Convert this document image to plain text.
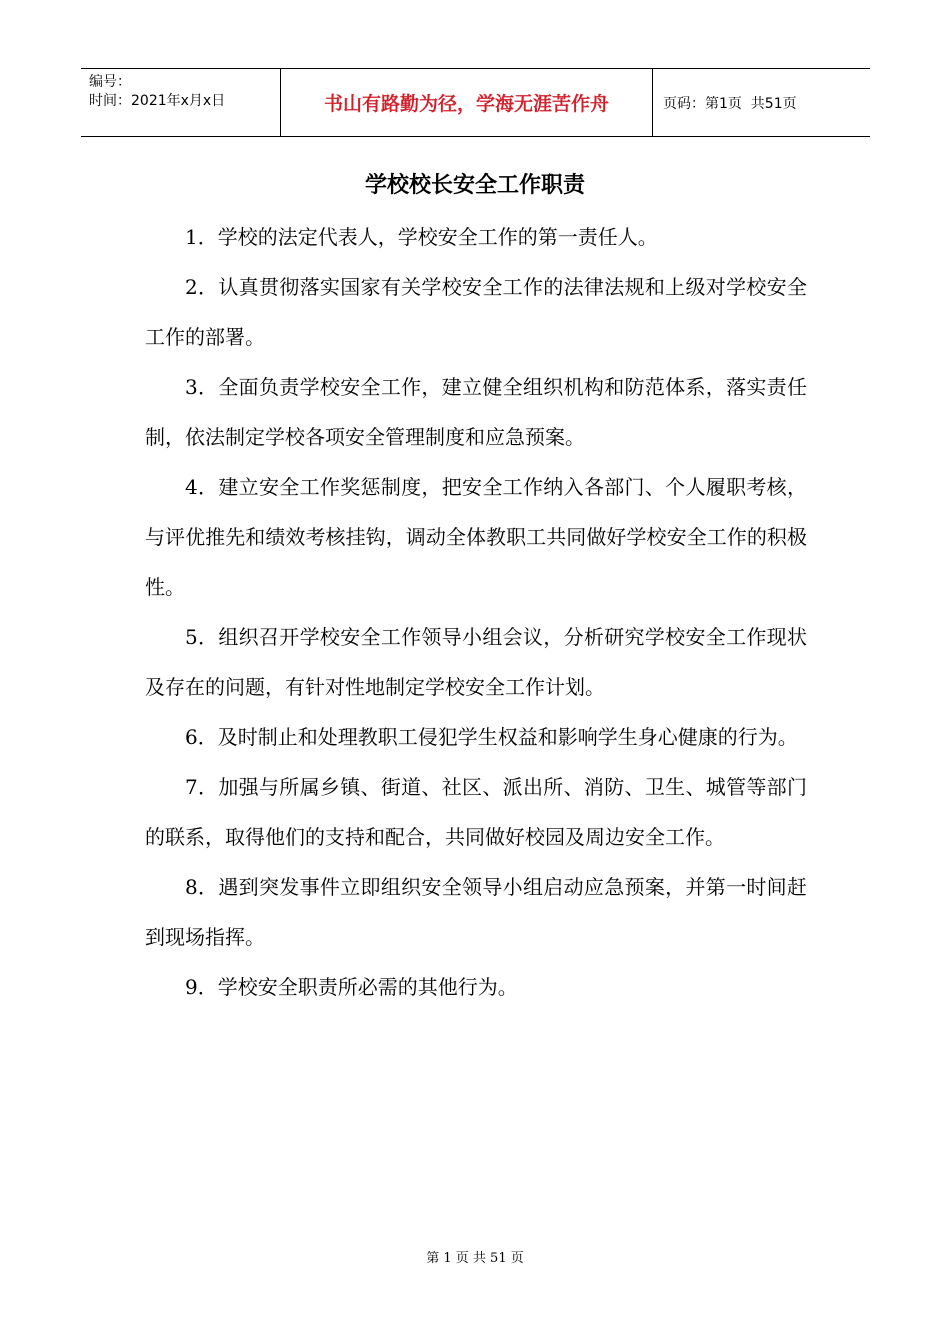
编号：
时间：2021年x月x日	书山有路勤为径，学海无涯苦作舟	页码：第1页  共51页
学校校长安全工作职责

1．学校的法定代表人，学校安全工作的第一责任人。

2．认真贯彻落实国家有关学校安全工作的法律法规和上级对学校安全工作的部署。

3．全面负责学校安全工作，建立健全组织机构和防范体系，落实责任制，依法制定学校各项安全管理制度和应急预案。

4．建立安全工作奖惩制度，把安全工作纳入各部门、个人履职考核，与评优推先和绩效考核挂钩，调动全体教职工共同做好学校安全工作的积极性。

5．组织召开学校安全工作领导小组会议，分析研究学校安全工作现状及存在的问题，有针对性地制定学校安全工作计划。

6．及时制止和处理教职工侵犯学生权益和影响学生身心健康的行为。

7．加强与所属乡镇、街道、社区、派出所、消防、卫生、城管等部门的联系，取得他们的支持和配合，共同做好校园及周边安全工作。

8．遇到突发事件立即组织安全领导小组启动应急预案，并第一时间赶到现场指挥。

9．学校安全职责所必需的其他行为。

第 1 页 共 51 页
